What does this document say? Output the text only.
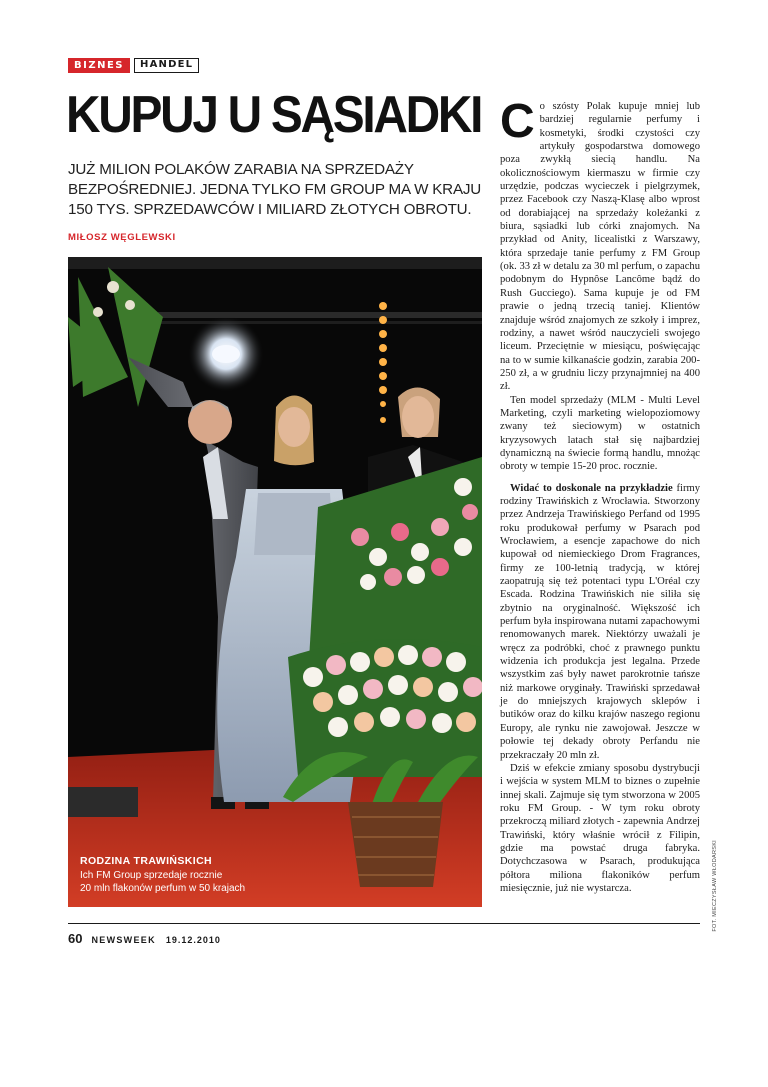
BIZNES	HANDEL
KUPUJ U SĄSIADKI
JUŻ MILION POLAKÓW ZARABIA NA SPRZEDAŻY
BEZPOŚREDNIEJ. JEDNA TYLKO FM GROUP MA W KRAJU
150 TYS. SPRZEDAWCÓW I MILIARD ZŁOTYCH OBROTU.
MIŁOSZ WĘGLEWSKI
RODZINA TRAWIŃSKICH
Ich FM Group sprzedaje rocznie
20 mln flakonów perfum w 50 krajach

Co szósty Polak kupuje mniej lub bardziej regularnie perfumy i kosmetyki, środki czystości czy artykuły gospodarstwa domowego poza zwykłą siecią handlu. Na okolicznościowym kiermaszu w firmie czy urzędzie, podczas wycieczek i pielgrzymek, przez Facebook czy Naszą-Klasę albo wprost od dorabiającej na sprzedaży koleżanki z biura, sąsiadki lub córki znajomych. Na przykład od Anity, licealistki z Warszawy, która sprzedaje tanie perfumy z FM Group (ok. 33 zł w detalu za 30 ml perfum, o zapachu podobnym do Hypnôse Lancôme bądź do Rush Gucciego). Sama kupuje je od FM prawie o jedną trzecią taniej. Klientów znajduje wśród znajomych ze szkoły i imprez, rodziny, a nawet wśród nauczycieli swojego liceum. Przeciętnie w miesiącu, poświęcając na to w sumie kilkanaście godzin, zarabia 200-250 zł, a w grudniu liczy przynajmniej na 400 zł.

Ten model sprzedaży (MLM - Multi Level Marketing, czyli marketing wielopoziomowy zwany też sieciowym) w ostatnich kryzysowych latach stał się najbardziej dynamiczną na świecie formą handlu, mnożąc obroty w tempie 15-20 proc. rocznie.

Widać to doskonale na przykładzie firmy rodziny Trawińskich z Wrocławia. Stworzony przez Andrzeja Trawińskiego Perfand od 1995 roku produkował perfumy w Psarach pod Wrocławiem, a esencje zapachowe do nich kupował od niemieckiego Drom Fragrances, firmy ze 100-letnią tradycją, w której zaopatrują się też potentaci typu L'Oréal czy Escada. Rodzina Trawińskich nie siliła się zbytnio na oryginalność. Większość ich perfum była inspirowana nutami zapachowymi renomowanych marek. Niektórzy uważali je wręcz za podróbki, choć z prawnego punktu widzenia ich produkcja jest legalna. Przede wszystkim zaś były nawet parokrotnie tańsze niż markowe oryginały. Trawiński sprzedawał je do mniejszych krajowych sklepów i butików oraz do kilku krajów naszego regionu Europy, ale rynku nie zawojował. Jeszcze w połowie tej dekady obroty Perfandu nie przekraczały 20 mln zł.

Dziś w efekcie zmiany sposobu dystrybucji i wejścia w system MLM to biznes o zupełnie innej skali. Zajmuje się tym stworzona w 2005 roku FM Group. - W tym roku obroty przekroczą miliard złotych - zapewnia Andrzej Trawiński, który właśnie wrócił z Filipin, gdzie ma powstać druga fabryka. Dotychczasowa w Psarach, produkująca półtora miliona flakoników perfum miesięcznie, już nie wystarcza.	FOT. MIECZYSŁAW WŁODARSKI
60 NEWSWEEK 19.12.2010
